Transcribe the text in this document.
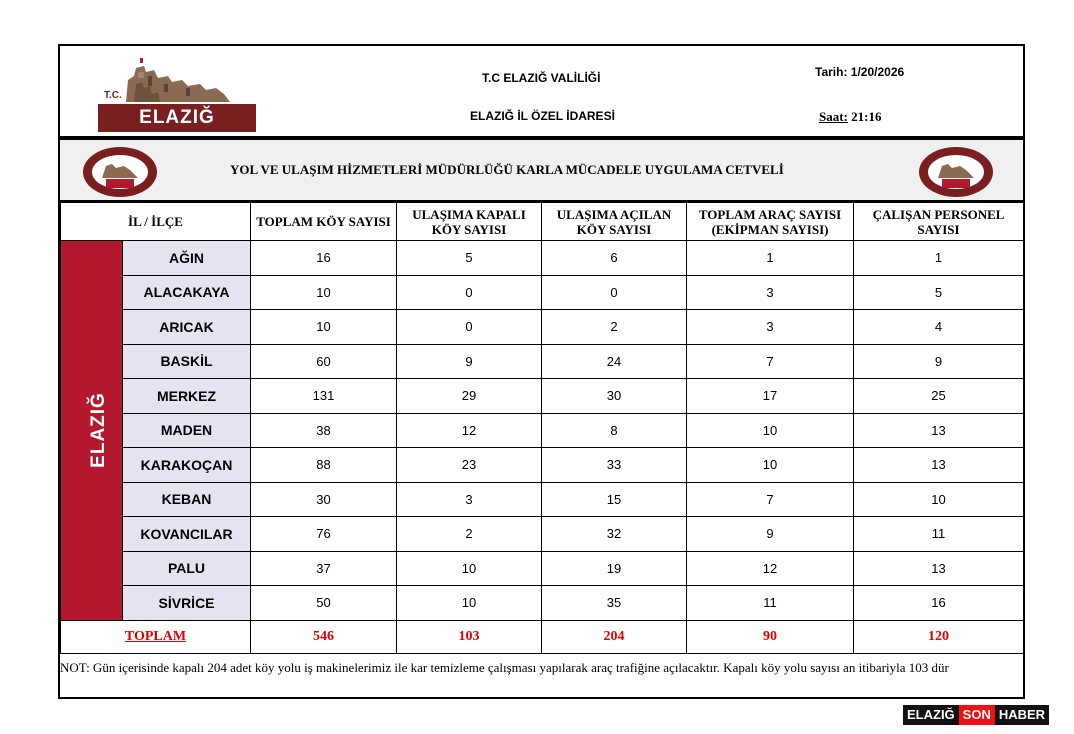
T.C.
ELAZIĞ
T.C ELAZIĞ VALİLİĞİ
ELAZIĞ İL ÖZEL İDARESİ
Tarih: 1/20/2026
Saat: 21:16
YOL VE ULAŞIM HİZMETLERİ MÜDÜRLÜĞÜ KARLA MÜCADELE UYGULAMA CETVELİ
İL / İLÇE		TOPLAM KÖY SAYISI	ULAŞIMA KAPALI KÖY SAYISI	ULAŞIMA AÇILAN KÖY SAYISI	TOPLAM ARAÇ SAYISI (EKİPMAN SAYISI)	ÇALIŞAN PERSONEL SAYISI
ELAZIĞ	AĞIN	16	5	6	1	1
	ALACAKAYA	10	0	0	3	5
	ARICAK	10	0	2	3	4
	BASKİL	60	9	24	7	9
	MERKEZ	131	29	30	17	25
	MADEN	38	12	8	10	13
	KARAKOÇAN	88	23	33	10	13
	KEBAN	30	3	15	7	10
	KOVANCILAR	76	2	32	9	11
	PALU	37	10	19	12	13
	SİVRİCE	50	10	35	11	16
TOPLAM		546	103	204	90	120
NOT: Gün içerisinde kapalı 204 adet köy yolu iş makinelerimiz ile kar temizleme çalışması yapılarak araç trafiğine açılacaktır. Kapalı köy yolu sayısı an itibariyla 103 dür
ELAZIĞ SON HABER
